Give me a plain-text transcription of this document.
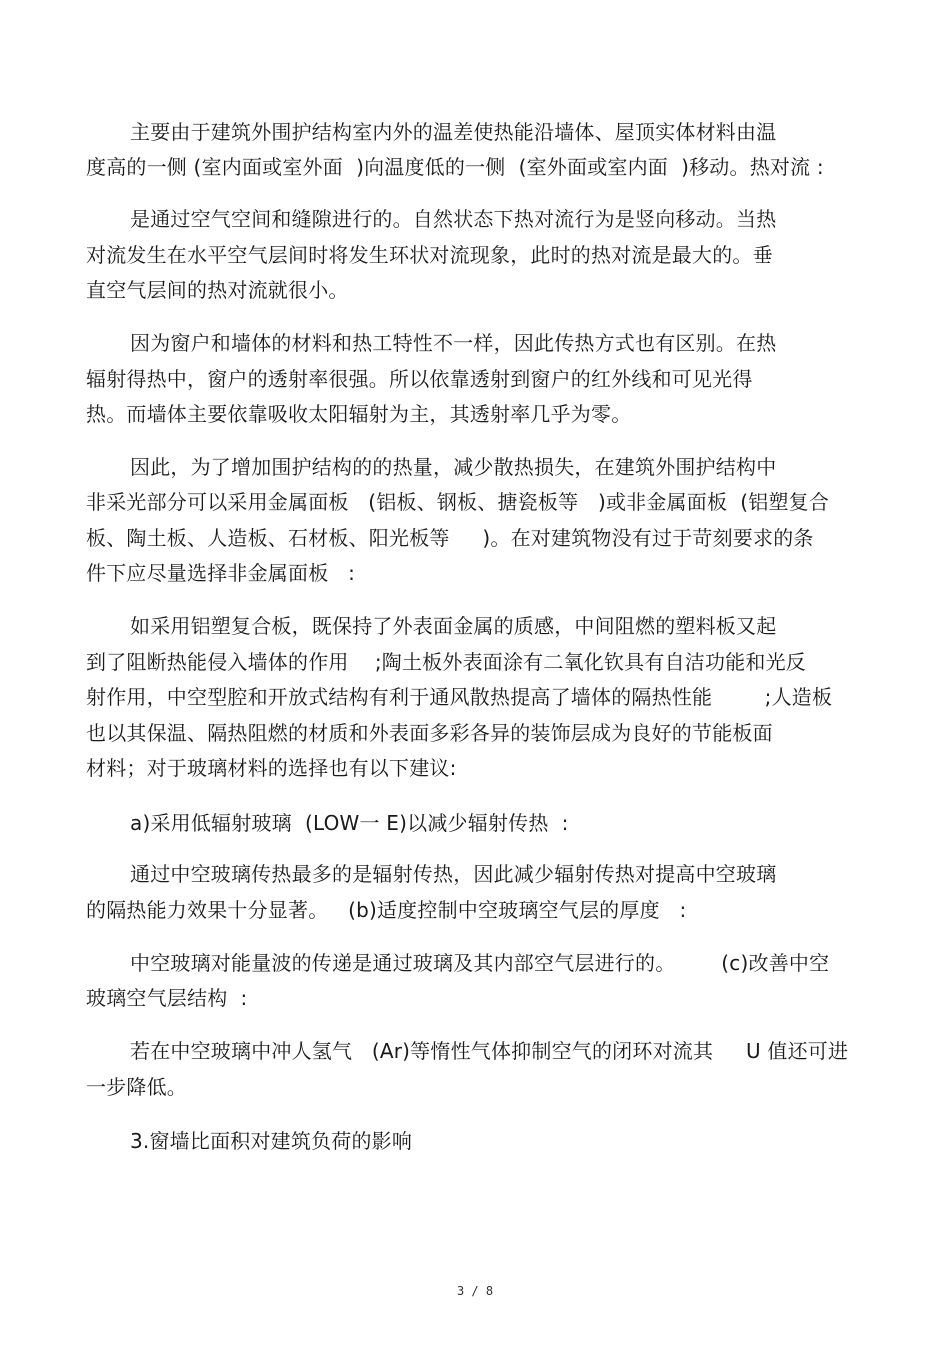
主要由于建筑外围护结构室内外的温差使热能沿墙体、屋顶实体材料由温
度高的一侧 (室内面或室外面  )向温度低的一侧  (室外面或室内面  )移动。热对流 :
是通过空气空间和缝隙进行的。自然状态下热对流行为是竖向移动。当热
对流发生在水平空气层间时将发生环状对流现象，此时的热对流是最大的。垂
直空气层间的热对流就很小。
因为窗户和墙体的材料和热工特性不一样，因此传热方式也有区别。在热
辐射得热中，窗户的透射率很强。所以依靠透射到窗户的红外线和可见光得
热。而墙体主要依靠吸收太阳辐射为主，其透射率几乎为零。
因此，为了增加围护结构的的热量，减少散热损失，在建筑外围护结构中
非采光部分可以采用金属面板   (铝板、钢板、搪瓷板等   )或非金属面板  (铝塑复合
板、陶土板、人造板、石材板、阳光板等     )。在对建筑物没有过于苛刻要求的条
件下应尽量选择非金属面板   :
如采用铝塑复合板，既保持了外表面金属的质感，中间阻燃的塑料板又起
到了阻断热能侵入墙体的作用    ;陶土板外表面涂有二氧化钦具有自洁功能和光反
射作用，中空型腔和开放式结构有利于通风散热提高了墙体的隔热性能        ;人造板
也以其保温、隔热阻燃的材质和外表面多彩各异的装饰层成为良好的节能板面
材料；对于玻璃材料的选择也有以下建议:
a)采用低辐射玻璃  (LOW一 E)以减少辐射传热  :
通过中空玻璃传热最多的是辐射传热，因此减少辐射传热对提高中空玻璃
的隔热能力效果十分显著。   (b)适度控制中空玻璃空气层的厚度   :
中空玻璃对能量波的传递是通过玻璃及其内部空气层进行的。       (c)改善中空
玻璃空气层结构  :
若在中空玻璃中冲人氢气   (Ar)等惰性气体抑制空气的闭环对流其     U 值还可进
一步降低。
3.窗墙比面积对建筑负荷的影响
3 / 8
